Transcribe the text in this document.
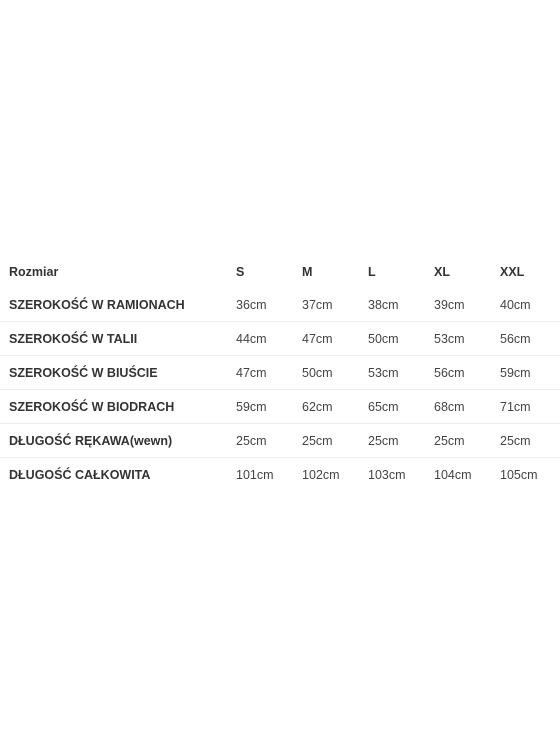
Rozmiar	S	M	L	XL	XXL
SZEROKOŚĆ W RAMIONACH	36cm	37cm	38cm	39cm	40cm
SZEROKOŚĆ W TALII	44cm	47cm	50cm	53cm	56cm
SZEROKOŚĆ W BIUŚCIE	47cm	50cm	53cm	56cm	59cm
SZEROKOŚĆ W BIODRACH	59cm	62cm	65cm	68cm	71cm
DŁUGOŚĆ RĘKAWA(wewn)	25cm	25cm	25cm	25cm	25cm
DŁUGOŚĆ CAŁKOWITA	101cm	102cm	103cm	104cm	105cm
